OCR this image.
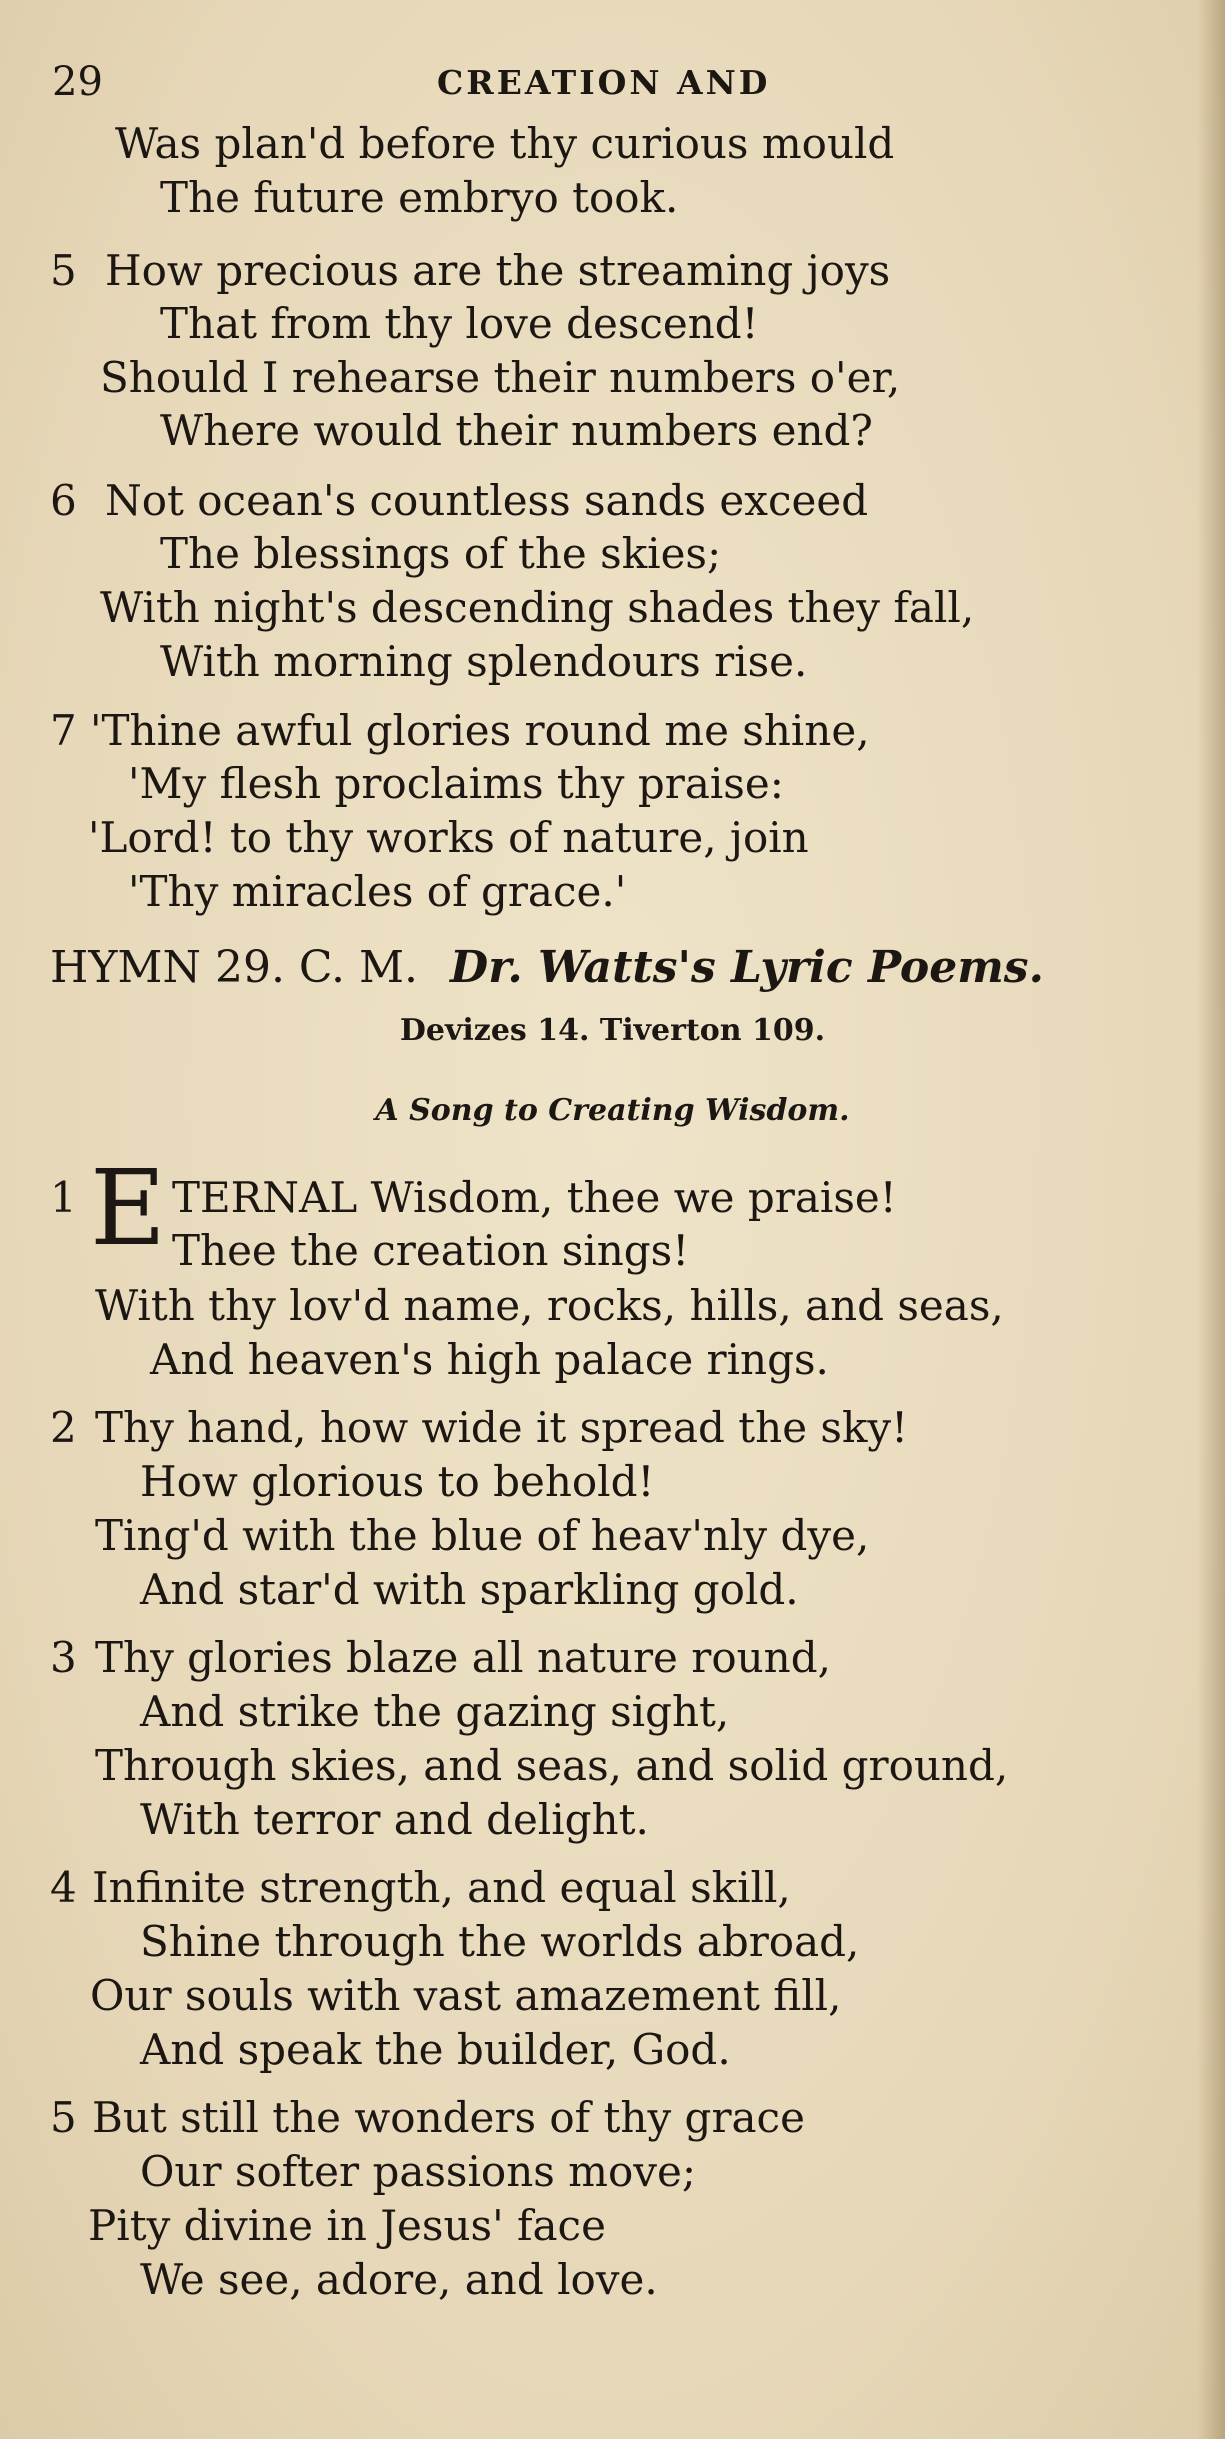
29	CREATION AND
Was plan'd before thy curious mould
The future embryo took.
5 How precious are the streaming joys
That from thy love descend!
Should I rehearse their numbers o'er,
Where would their numbers end?
6 Not ocean's countless sands exceed
The blessings of the skies;
With night's descending shades they fall,
With morning splendours rise.
7 'Thine awful glories round me shine,
'My flesh proclaims thy praise:
'Lord! to thy works of nature, join
'Thy miracles of grace.'
HYMN 29. C. M. Dr. Watts's Lyric Poems.
Devizes 14. Tiverton 109.
A Song to Creating Wisdom.
1 E TERNAL Wisdom, thee we praise!
Thee the creation sings!
With thy lov'd name, rocks, hills, and seas,
And heaven's high palace rings.
2 Thy hand, how wide it spread the sky!
How glorious to behold!
Ting'd with the blue of heav'nly dye,
And star'd with sparkling gold.
3 Thy glories blaze all nature round,
And strike the gazing sight,
Through skies, and seas, and solid ground,
With terror and delight.
4 Infinite strength, and equal skill,
Shine through the worlds abroad,
Our souls with vast amazement fill,
And speak the builder, God.
5 But still the wonders of thy grace
Our softer passions move;
Pity divine in Jesus' face
We see, adore, and love.
